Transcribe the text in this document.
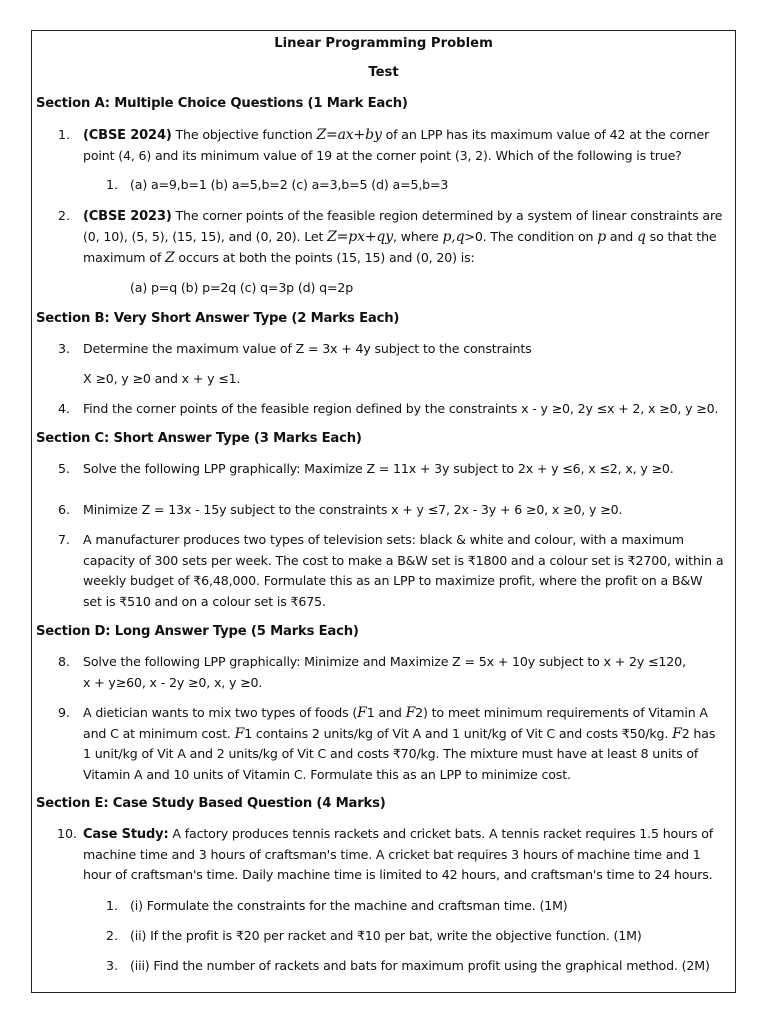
Linear Programming Problem
Test
Section A: Multiple Choice Questions (1 Mark Each)
1. (CBSE 2024) The objective function Z=ax+by of an LPP has its maximum value of 42 at the corner
point (4, 6) and its minimum value of 19 at the corner point (3, 2). Which of the following is true?
1. (a) a=9,b=1 (b) a=5,b=2 (c) a=3,b=5 (d) a=5,b=3
2. (CBSE 2023) The corner points of the feasible region determined by a system of linear constraints are
(0, 10), (5, 5), (15, 15), and (0, 20). Let Z=px+qy, where p,q>0. The condition on p and q so that the
maximum of Z occurs at both the points (15, 15) and (0, 20) is:
(a) p=q (b) p=2q (c) q=3p (d) q=2p
Section B: Very Short Answer Type (2 Marks Each)
3. Determine the maximum value of Z = 3x + 4y subject to the constraints
X ≥0, y ≥0 and x + y ≤1.
4. Find the corner points of the feasible region defined by the constraints x - y ≥0, 2y ≤x + 2, x ≥0, y ≥0.
Section C: Short Answer Type (3 Marks Each)
5. Solve the following LPP graphically: Maximize Z = 11x + 3y subject to 2x + y ≤6, x ≤2, x, y ≥0.
6. Minimize Z = 13x - 15y subject to the constraints x + y ≤7, 2x - 3y + 6 ≥0, x ≥0, y ≥0.
7. A manufacturer produces two types of television sets: black & white and colour, with a maximum
capacity of 300 sets per week. The cost to make a B&W set is ₹1800 and a colour set is ₹2700, within a
weekly budget of ₹6,48,000. Formulate this as an LPP to maximize profit, where the profit on a B&W
set is ₹510 and on a colour set is ₹675.
Section D: Long Answer Type (5 Marks Each)
8. Solve the following LPP graphically: Minimize and Maximize Z = 5x + 10y subject to x + 2y ≤120,
x + y≥60, x - 2y ≥0, x, y ≥0.
9. A dietician wants to mix two types of foods (F1 and F2) to meet minimum requirements of Vitamin A
and C at minimum cost. F1 contains 2 units/kg of Vit A and 1 unit/kg of Vit C and costs ₹50/kg. F2 has
1 unit/kg of Vit A and 2 units/kg of Vit C and costs ₹70/kg. The mixture must have at least 8 units of
Vitamin A and 10 units of Vitamin C. Formulate this as an LPP to minimize cost.
Section E: Case Study Based Question (4 Marks)
10. Case Study: A factory produces tennis rackets and cricket bats. A tennis racket requires 1.5 hours of
machine time and 3 hours of craftsman's time. A cricket bat requires 3 hours of machine time and 1
hour of craftsman's time. Daily machine time is limited to 42 hours, and craftsman's time to 24 hours.
1. (i) Formulate the constraints for the machine and craftsman time. (1M)
2. (ii) If the profit is ₹20 per racket and ₹10 per bat, write the objective function. (1M)
3. (iii) Find the number of rackets and bats for maximum profit using the graphical method. (2M)
